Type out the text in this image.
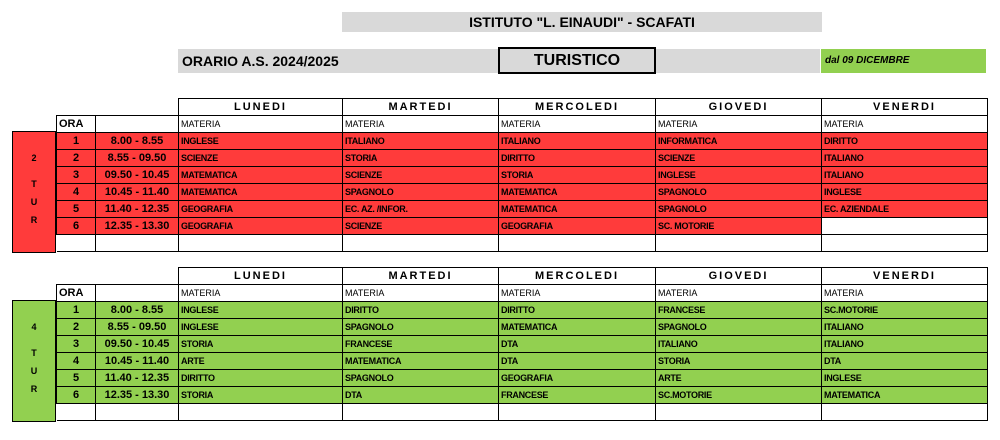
ISTITUTO "L. EINAUDI" - SCAFATI
ORARIO A.S. 2024/2025	TURISTICO	dal 09 DICEMBRE
		LUNEDI	MARTEDI	MERCOLEDI	GIOVEDI	VENERDI
ORA		MATERIA	MATERIA	MATERIA	MATERIA	MATERIA
1	8.00 - 8.55	INGLESE	ITALIANO	ITALIANO	INFORMATICA	DIRITTO
2	8.55 - 09.50	SCIENZE	STORIA	DIRITTO	SCIENZE	ITALIANO
3	09.50 - 10.45	MATEMATICA	SCIENZE	STORIA	INGLESE	ITALIANO
4	10.45 - 11.40	MATEMATICA	SPAGNOLO	MATEMATICA	SPAGNOLO	INGLESE
5	11.40 - 12.35	GEOGRAFIA	EC. AZ. /INFOR.	MATEMATICA	SPAGNOLO	EC. AZIENDALE
6	12.35 - 13.30	GEOGRAFIA	SCIENZE	GEOGRAFIA	SC. MOTORIE	

2
T
U
R
		LUNEDI	MARTEDI	MERCOLEDI	GIOVEDI	VENERDI
ORA		MATERIA	MATERIA	MATERIA	MATERIA	MATERIA
1	8.00 - 8.55	INGLESE	DIRITTO	DIRITTO	FRANCESE	SC.MOTORIE
2	8.55 - 09.50	INGLESE	SPAGNOLO	MATEMATICA	SPAGNOLO	ITALIANO
3	09.50 - 10.45	STORIA	FRANCESE	DTA	ITALIANO	ITALIANO
4	10.45 - 11.40	ARTE	MATEMATICA	DTA	STORIA	DTA
5	11.40 - 12.35	DIRITTO	SPAGNOLO	GEOGRAFIA	ARTE	INGLESE
6	12.35 - 13.30	STORIA	DTA	FRANCESE	SC.MOTORIE	MATEMATICA

4
T
U
R
